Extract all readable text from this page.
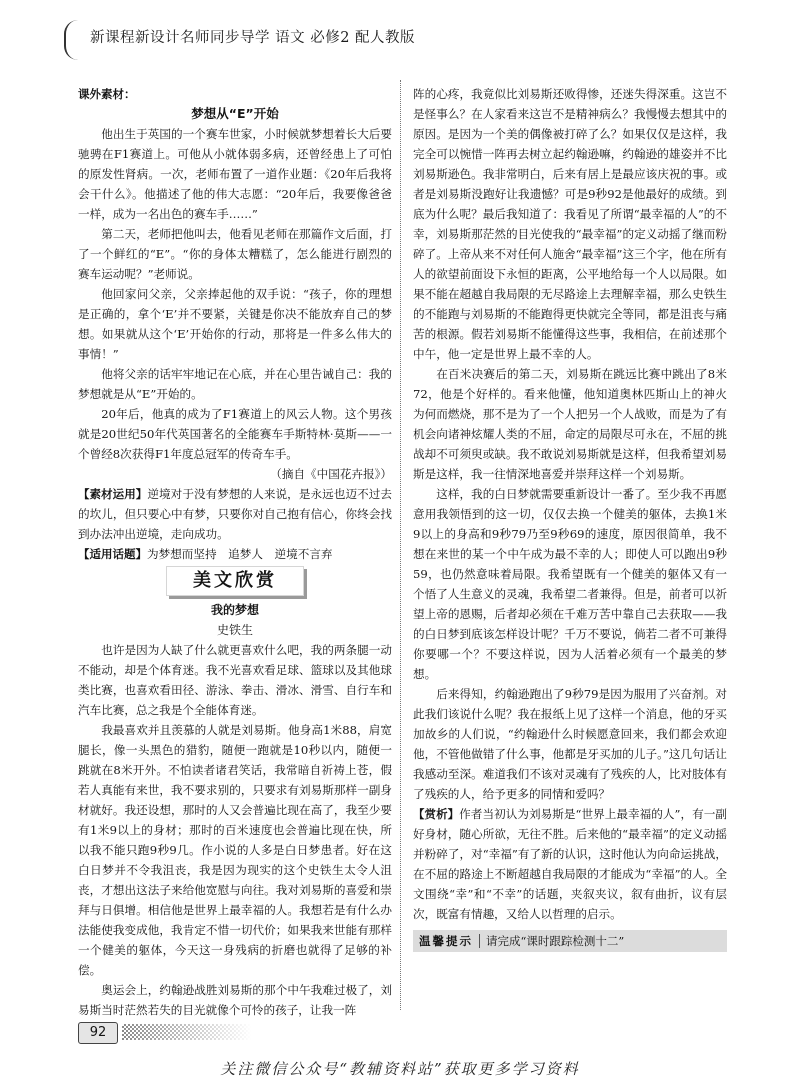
新课程新设计名师同步导学 语文 必修2 配人教版

课外素材：

梦想从“E”开始

他出生于英国的一个赛车世家，小时候就梦想着长大后要驰骋在F1赛道上。可他从小就体弱多病，还曾经患上了可怕的原发性肾病。一次，老师布置了一道作业题：《20年后我将会干什么》。他描述了他的伟大志愿：“20年后，我要像爸爸一样，成为一名出色的赛车手……”

第二天，老师把他叫去，他看见老师在那篇作文后面，打了一个鲜红的“E”。“你的身体太糟糕了，怎么能进行剧烈的赛车运动呢？”老师说。

他回家问父亲，父亲捧起他的双手说：“孩子，你的理想是正确的，拿个‘E’并不要紧，关键是你决不能放弃自己的梦想。如果就从这个‘E’开始你的行动，那将是一件多么伟大的事情！”

他将父亲的话牢牢地记在心底，并在心里告诫自己：我的梦想就是从“E”开始的。

20年后，他真的成为了F1赛道上的风云人物。这个男孩就是20世纪50年代英国著名的全能赛车手斯特林·莫斯——一个曾经8次获得F1年度总冠军的传奇车手。

（摘自《中国花卉报》）

【素材运用】逆境对于没有梦想的人来说，是永远也迈不过去的坎儿，但只要心中有梦，只要你对自己抱有信心，你终会找到办法冲出逆境，走向成功。

【适用话题】为梦想而坚持　追梦人　逆境不言弃

美文欣赏

我的梦想

史铁生

也许是因为人缺了什么就更喜欢什么吧，我的两条腿一动不能动，却是个体育迷。我不光喜欢看足球、篮球以及其他球类比赛，也喜欢看田径、游泳、拳击、滑冰、滑雪、自行车和汽车比赛，总之我是个全能体育迷。

我最喜欢并且羡慕的人就是刘易斯。他身高1米88，肩宽腿长，像一头黑色的猎豹，随便一跑就是10秒以内，随便一跳就在8米开外。不怕读者诸君笑话，我常暗自祈祷上苍，假若人真能有来世，我不要求别的，只要求有刘易斯那样一副身材就好。我还设想，那时的人又会普遍比现在高了，我至少要有1米9以上的身材；那时的百米速度也会普遍比现在快，所以我不能只跑9秒9几。作小说的人多是白日梦患者。好在这白日梦并不令我沮丧，我是因为现实的这个史铁生太令人沮丧，才想出这法子来给他宽慰与向往。我对刘易斯的喜爱和崇拜与日俱增。相信他是世界上最幸福的人。我想若是有什么办法能使我变成他，我肯定不惜一切代价；如果我来世能有那样一个健美的躯体，今天这一身残病的折磨也就得了足够的补偿。

奥运会上，约翰逊战胜刘易斯的那个中午我难过极了，刘易斯当时茫然若失的目光就像个可怜的孩子，让我一阵

阵的心疼，我竟似比刘易斯还败得惨，还迷失得深重。这岂不是怪事么？在人家看来这岂不是精神病么？我慢慢去想其中的原因。是因为一个美的偶像被打碎了么？如果仅仅是这样，我完全可以惋惜一阵再去树立起约翰逊嘛，约翰逊的雄姿并不比刘易斯逊色。我非常明白，后来有居上是最应该庆祝的事。或者是刘易斯没跑好让我遗憾？可是9秒92是他最好的成绩。到底为什么呢？最后我知道了：我看见了所谓“最幸福的人”的不幸，刘易斯那茫然的目光使我的“最幸福”的定义动摇了继而粉碎了。上帝从来不对任何人施舍“最幸福”这三个字，他在所有人的欲望前面设下永恒的距离，公平地给每一个人以局限。如果不能在超越自我局限的无尽路途上去理解幸福，那么史铁生的不能跑与刘易斯的不能跑得更快就完全等同，都是沮丧与痛苦的根源。假若刘易斯不能懂得这些事，我相信，在前述那个中午，他一定是世界上最不幸的人。

在百米决赛后的第二天，刘易斯在跳远比赛中跳出了8米72，他是个好样的。看来他懂，他知道奥林匹斯山上的神火为何而燃烧，那不是为了一个人把另一个人战败，而是为了有机会向诸神炫耀人类的不屈，命定的局限尽可永在，不屈的挑战却不可须臾或缺。我不敢说刘易斯就是这样，但我希望刘易斯是这样，我一往情深地喜爱并崇拜这样一个刘易斯。

这样，我的白日梦就需要重新设计一番了。至少我不再愿意用我领悟到的这一切，仅仅去换一个健美的躯体，去换1米9以上的身高和9秒79乃至9秒69的速度，原因很简单，我不想在来世的某一个中午成为最不幸的人；即使人可以跑出9秒59，也仍然意味着局限。我希望既有一个健美的躯体又有一个悟了人生意义的灵魂，我希望二者兼得。但是，前者可以祈望上帝的恩赐，后者却必须在千难万苦中靠自己去获取——我的白日梦到底该怎样设计呢？千万不要说，倘若二者不可兼得你要哪一个？不要这样说，因为人活着必须有一个最美的梦想。

后来得知，约翰逊跑出了9秒79是因为服用了兴奋剂。对此我们该说什么呢？我在报纸上见了这样一个消息，他的牙买加故乡的人们说，“约翰逊什么时候愿意回来，我们都会欢迎他，不管他做错了什么事，他都是牙买加的儿子。”这几句话让我感动至深。难道我们不该对灵魂有了残疾的人，比对肢体有了残疾的人，给予更多的同情和爱吗？

【赏析】作者当初认为刘易斯是“世界上最幸福的人”，有一副好身材，随心所欲，无往不胜。后来他的“最幸福”的定义动摇并粉碎了，对“幸福”有了新的认识，这时他认为向命运挑战，在不屈的路途上不断超越自我局限的才能成为“幸福”的人。全文围绕“幸”和“不幸”的话题，夹叙夹议，叙有曲折，议有层次，既富有情趣，又给人以哲理的启示。

温馨提示 请完成“课时跟踪检测十二”
92
关注微信公众号“教辅资料站”获取更多学习资料
